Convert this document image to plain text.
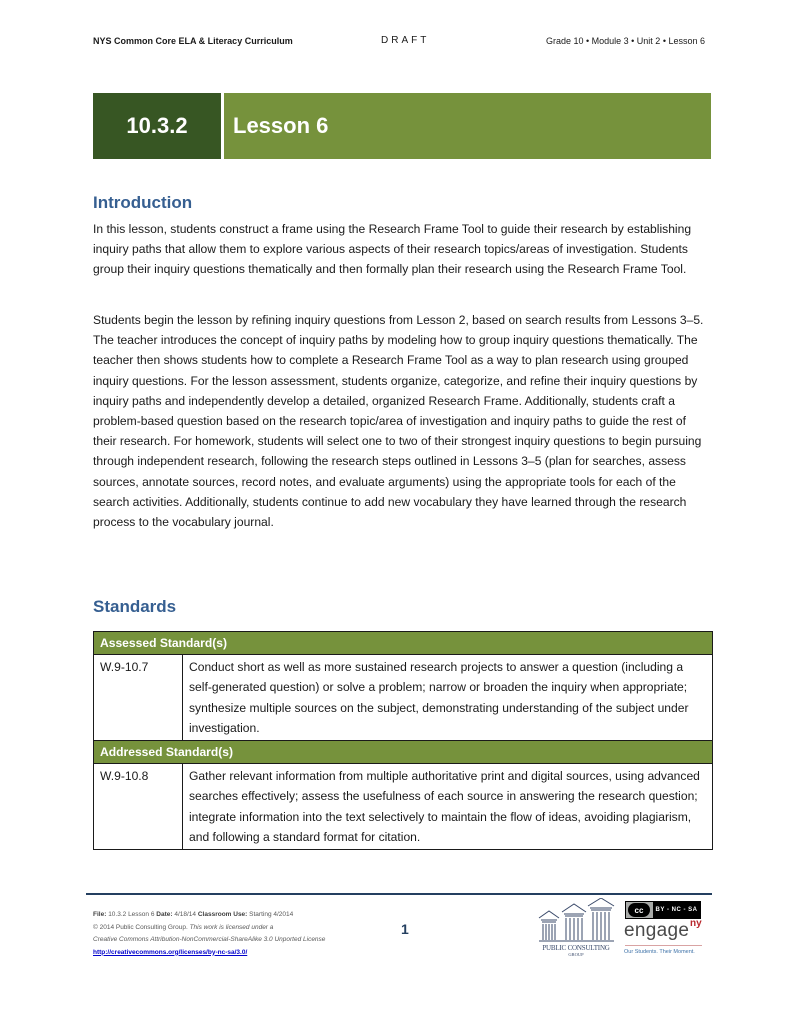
NYS Common Core ELA & Literacy Curriculum	DRAFT	Grade 10 • Module 3 • Unit 2 • Lesson 6
10.3.2	Lesson 6
Introduction

In this lesson, students construct a frame using the Research Frame Tool to guide their research by establishing inquiry paths that allow them to explore various aspects of their research topics/areas of investigation. Students group their inquiry questions thematically and then formally plan their research using the Research Frame Tool.

Students begin the lesson by refining inquiry questions from Lesson 2, based on search results from Lessons 3–5. The teacher introduces the concept of inquiry paths by modeling how to group inquiry questions thematically. The teacher then shows students how to complete a Research Frame Tool as a way to plan research using grouped inquiry questions. For the lesson assessment, students organize, categorize, and refine their inquiry questions by inquiry paths and independently develop a detailed, organized Research Frame. Additionally, students craft a problem-based question based on the research topic/area of investigation and inquiry paths to guide the rest of their research. For homework, students will select one to two of their strongest inquiry questions to begin pursuing through independent research, following the research steps outlined in Lessons 3–5 (plan for searches, assess sources, annotate sources, record notes, and evaluate arguments) using the appropriate tools for each of the search activities. Additionally, students continue to add new vocabulary they have learned through the research process to the vocabulary journal.

Standards
Assessed Standard(s)	
W.9-10.7	Conduct short as well as more sustained research projects to answer a question (including a self-generated question) or solve a problem; narrow or broaden the inquiry when appropriate; synthesize multiple sources on the subject, demonstrating understanding of the subject under investigation.
Addressed Standard(s)	
W.9-10.8	Gather relevant information from multiple authoritative print and digital sources, using advanced searches effectively; assess the usefulness of each source in answering the research question; integrate information into the text selectively to maintain the flow of ideas, avoiding plagiarism, and following a standard format for citation.
File: 10.3.2 Lesson 6 Date: 4/18/14 Classroom Use: Starting 4/2014
© 2014 Public Consulting Group. This work is licensed under a
Creative Commons Attribution-NonCommercial-ShareAlike 3.0 Unported License
http://creativecommons.org/licenses/by-nc-sa/3.0/
1
PUBLIC CONSULTING
GROUP
cc	BY - NC - SA
engage ny
Our Students. Their Moment.
